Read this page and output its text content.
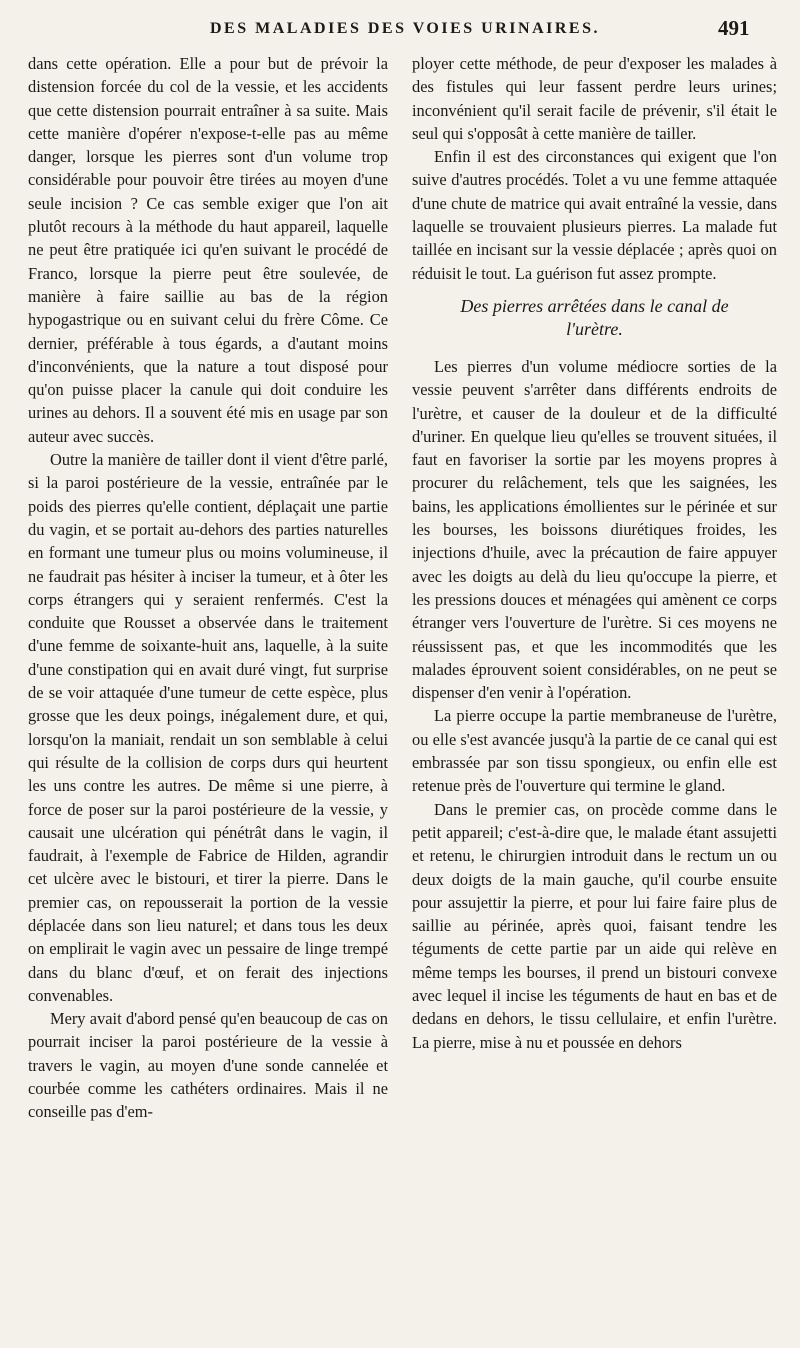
DES MALADIES DES VOIES URINAIRES.	491

dans cette opération. Elle a pour but de prévoir la distension forcée du col de la vessie, et les accidents que cette distension pourrait entraîner à sa suite. Mais cette manière d'opérer n'expose-t-elle pas au même danger, lorsque les pierres sont d'un volume trop considérable pour pouvoir être tirées au moyen d'une seule incision ? Ce cas semble exiger que l'on ait plutôt recours à la méthode du haut appareil, laquelle ne peut être pratiquée ici qu'en suivant le procédé de Franco, lorsque la pierre peut être soulevée, de manière à faire saillie au bas de la région hypogastrique ou en suivant celui du frère Côme. Ce dernier, préférable à tous égards, a d'autant moins d'inconvénients, que la nature a tout disposé pour qu'on puisse placer la canule qui doit conduire les urines au dehors. Il a souvent été mis en usage par son auteur avec succès.

Outre la manière de tailler dont il vient d'être parlé, si la paroi postérieure de la vessie, entraînée par le poids des pierres qu'elle contient, déplaçait une partie du vagin, et se portait au-dehors des parties naturelles en formant une tumeur plus ou moins volumineuse, il ne faudrait pas hésiter à inciser la tumeur, et à ôter les corps étrangers qui y seraient renfermés. C'est la conduite que Rousset a observée dans le traitement d'une femme de soixante-huit ans, laquelle, à la suite d'une constipation qui en avait duré vingt, fut surprise de se voir attaquée d'une tumeur de cette espèce, plus grosse que les deux poings, inégalement dure, et qui, lorsqu'on la maniait, rendait un son semblable à celui qui résulte de la collision de corps durs qui heurtent les uns contre les autres. De même si une pierre, à force de poser sur la paroi postérieure de la vessie, y causait une ulcération qui pénétrât dans le vagin, il faudrait, à l'exemple de Fabrice de Hilden, agrandir cet ulcère avec le bistouri, et tirer la pierre. Dans le premier cas, on repousserait la portion de la vessie déplacée dans son lieu naturel; et dans tous les deux on emplirait le vagin avec un pessaire de linge trempé dans du blanc d'œuf, et on ferait des injections convenables.

Mery avait d'abord pensé qu'en beaucoup de cas on pourrait inciser la paroi postérieure de la vessie à travers le vagin, au moyen d'une sonde cannelée et courbée comme les cathéters ordinaires. Mais il ne conseille pas d'em-

ployer cette méthode, de peur d'exposer les malades à des fistules qui leur fassent perdre leurs urines; inconvénient qu'il serait facile de prévenir, s'il était le seul qui s'opposât à cette manière de tailler.

Enfin il est des circonstances qui exigent que l'on suive d'autres procédés. Tolet a vu une femme attaquée d'une chute de matrice qui avait entraîné la vessie, dans laquelle se trouvaient plusieurs pierres. La malade fut taillée en incisant sur la vessie déplacée ; après quoi on réduisit le tout. La guérison fut assez prompte.

Des pierres arrêtées dans le canal de
l'urètre.

Les pierres d'un volume médiocre sorties de la vessie peuvent s'arrêter dans différents endroits de l'urètre, et causer de la douleur et de la difficulté d'uriner. En quelque lieu qu'elles se trouvent situées, il faut en favoriser la sortie par les moyens propres à procurer du relâchement, tels que les saignées, les bains, les applications émollientes sur le périnée et sur les bourses, les boissons diurétiques froides, les injections d'huile, avec la précaution de faire appuyer avec les doigts au delà du lieu qu'occupe la pierre, et les pressions douces et ménagées qui amènent ce corps étranger vers l'ouverture de l'urètre. Si ces moyens ne réussissent pas, et que les incommodités que les malades éprouvent soient considérables, on ne peut se dispenser d'en venir à l'opération.

La pierre occupe la partie membraneuse de l'urètre, ou elle s'est avancée jusqu'à la partie de ce canal qui est embrassée par son tissu spongieux, ou enfin elle est retenue près de l'ouverture qui termine le gland.

Dans le premier cas, on procède comme dans le petit appareil; c'est-à-dire que, le malade étant assujetti et retenu, le chirurgien introduit dans le rectum un ou deux doigts de la main gauche, qu'il courbe ensuite pour assujettir la pierre, et pour lui faire faire plus de saillie au périnée, après quoi, faisant tendre les téguments de cette partie par un aide qui relève en même temps les bourses, il prend un bistouri convexe avec lequel il incise les téguments de haut en bas et de dedans en dehors, le tissu cellulaire, et enfin l'urètre. La pierre, mise à nu et poussée en dehors
